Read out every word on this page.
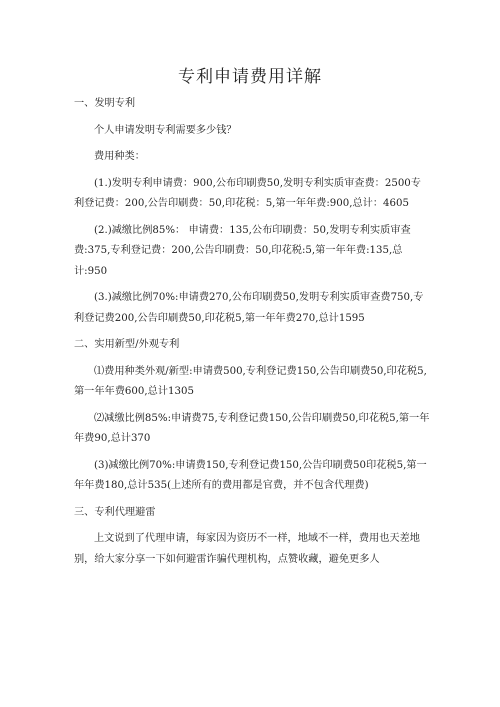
专利申请费用详解

一、发明专利

个人申请发明专利需要多少钱？

费用种类：

(1.)发明专利申请费：900,公布印刷费50,发明专利实质审查费：2500专利登记费：200,公告印刷费：50,印花税：5,第一年年费:900,总计：4605

(2.)减缴比例85%： 申请费：135,公布印刷费：50,发明专利实质审查费:375,专利登记费：200,公告印刷费：50,印花税:5,第一年年费:135,总计:950

(3.)减缴比例70%:申请费270,公布印刷费50,发明专利实质审查费750,专利登记费200,公告印刷费50,印花税5,第一年年费270,总计1595

二、实用新型/外观专利

⑴费用种类外观/新型:申请费500,专利登记费150,公告印刷费50,印花税5,第一年年费600,总计1305

⑵减缴比例85%:申请费75,专利登记费150,公告印刷费50,印花税5,第一年年费90,总计370

(3)减缴比例70%:申请费150,专利登记费150,公告印刷费50印花税5,第一年年费180,总计535(上述所有的费用都是官费，并不包含代理费)

三、专利代理避雷

上文说到了代理申请，每家因为资历不一样，地域不一样，费用也天差地别，给大家分享一下如何避雷诈骗代理机构，点赞收藏，避免更多人
